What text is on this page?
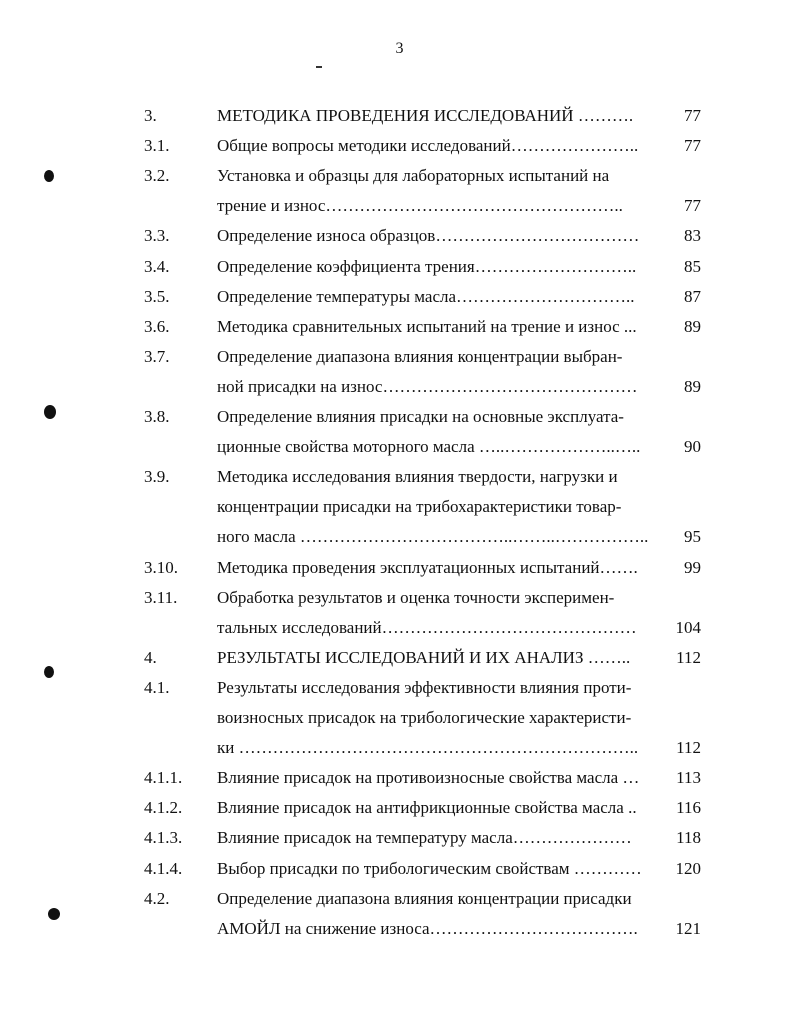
3
3.	МЕТОДИКА ПРОВЕДЕНИЯ ИССЛЕДОВАНИЙ ……….	77
3.1.	Общие вопросы методики исследований…………………..	77
3.2.	Установка и образцы для лабораторных испытаний на
трение и износ……………………………………………..	77
3.3.	Определение износа образцов………………………………	83
3.4.	Определение коэффициента трения………………………..	85
3.5.	Определение температуры масла…………………………..	87
3.6.	Методика сравнительных испытаний на трение и износ ...	89
3.7.	Определение диапазона влияния концентрации выбран-
ной присадки на износ………………………………………	89
3.8.	Определение влияния присадки на основные эксплуата-
ционные свойства моторного масла …..………………..…..	90
3.9.	Методика исследования влияния твердости, нагрузки и
концентрации присадки на трибохарактеристики товар-
ного масла ………………………………..……..…………….. 95
3.10. Методика проведения эксплуатационных испытаний…….	99
3.11. Обработка результатов и оценка точности эксперимен-
тальных исследований……………………………………… 104
4.	РЕЗУЛЬТАТЫ ИССЛЕДОВАНИЙ И ИХ АНАЛИЗ ……..	112
4.1.	Результаты исследования эффективности влияния проти-
воизносных присадок на трибологические характеристи-
ки …………………………………………………………….. 112
4.1.1. Влияние присадок на противоизносные свойства масла … 113
4.1.2. Влияние присадок на антифрикционные свойства масла .. 116
4.1.3. Влияние присадок на температуру масла…………………	118
4.1.4. Выбор присадки по трибологическим свойствам ………… 120
4.2.	Определение диапазона влияния концентрации присадки
АМОЙЛ на снижение износа………………………………. 121
